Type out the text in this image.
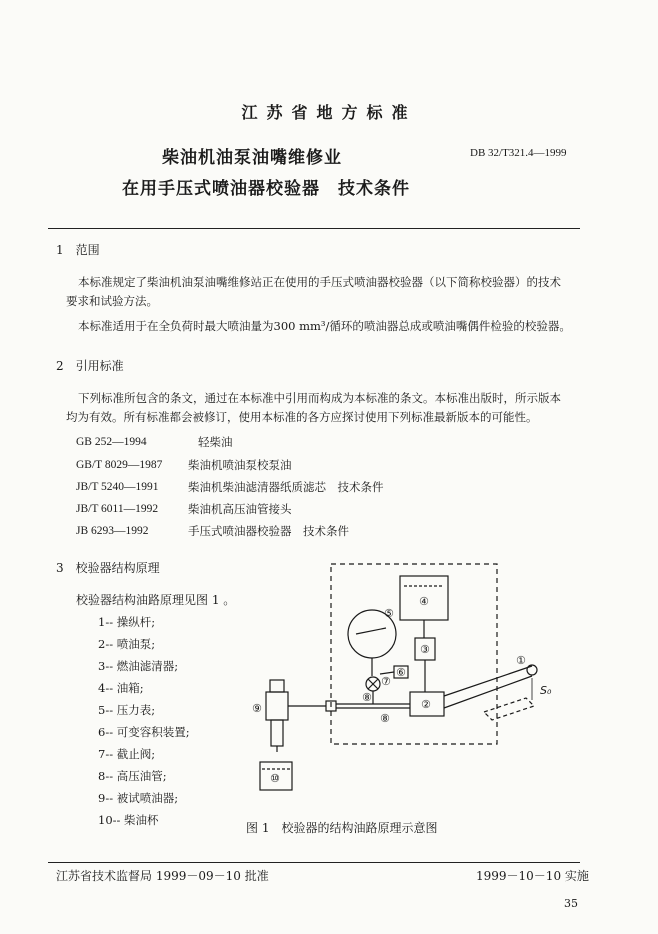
江苏省地方标准
柴油机油泵油嘴维修业
在用手压式喷油器校验器　技术条件
DB 32/T321.4—1999
1　范围
本标准规定了柴油机油泵油嘴维修站正在使用的手压式喷油器校验器（以下简称校验器）的技术要求和试验方法。
本标准适用于在全负荷时最大喷油量为300 mm³/循环的喷油器总成或喷油嘴偶件检验的校验器。
2　引用标准
下列标准所包含的条文，通过在本标准中引用而构成为本标准的条文。本标准出版时，所示版本均为有效。所有标准都会被修订，使用本标准的各方应探讨使用下列标准最新版本的可能性。
GB 252—1994	轻柴油
GB/T 8029—1987	柴油机喷油泵校泵油
JB/T 5240—1991	柴油机柴油滤清器纸质滤芯　技术条件
JB/T 6011—1992	柴油机高压油管接头
JB 6293—1992	手压式喷油器校验器　技术条件
3　校验器结构原理
校验器结构油路原理见图 1 。
1-- 操纵杆;
2-- 喷油泵;
3-- 燃油滤清器;
4-- 油箱;
5-- 压力表;
6-- 可变容积装置;
7-- 截止阀;
8-- 高压油管;
9-- 被试喷油器;
10-- 柴油杯
①
②
③
④
⑤
⑥
⑦
⑧
⑨
⑩
⑧
S₀
图 1　校验器的结构油路原理示意图
江苏省技术监督局 1999－09－10 批准	1999－10－10 实施
35
